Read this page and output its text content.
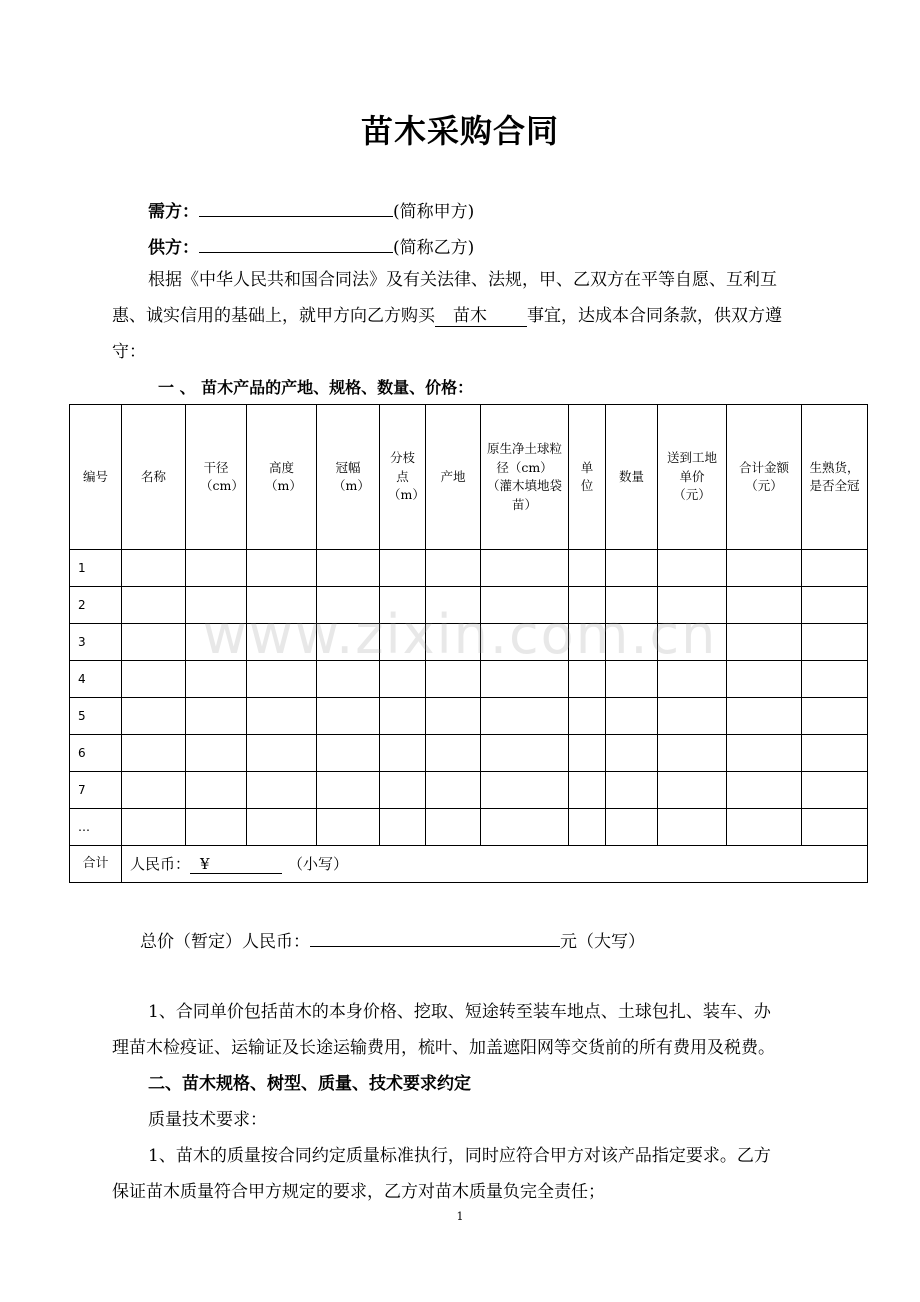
苗木采购合同
需方：	(简称甲方)
供方：	(简称乙方)
根据《中华人民共和国合同法》及有关法律、法规，甲、乙双方在平等自愿、互利互
惠、诚实信用的基础上，就甲方向乙方购买 苗木 事宜，达成本合同条款，供双方遵
守：
一 、 苗木产品的产地、规格、数量、价格：
编号	名称	干径（cm）	高度（m）	冠幅（m）	分枝点（m）	产地	原生净土球粒径（cm）（灌木填地袋苗）	单位	数量	送到工地单价（元）	合计金额（元）	生熟货，是否全冠
1												
2												
3												
4												
5												
6												
7												
…												
合计	人民币： ¥ （小写）											
www.zixin.com.cn
总价（暂定）人民币：	元（大写）
1、合同单价包括苗木的本身价格、挖取、短途转至装车地点、土球包扎、装车、办
理苗木检疫证、运输证及长途运输费用，梳叶、加盖遮阳网等交货前的所有费用及税费。
二、苗木规格、树型、质量、技术要求约定
质量技术要求：
1、苗木的质量按合同约定质量标准执行，同时应符合甲方对该产品指定要求。乙方
保证苗木质量符合甲方规定的要求，乙方对苗木质量负完全责任；
1
